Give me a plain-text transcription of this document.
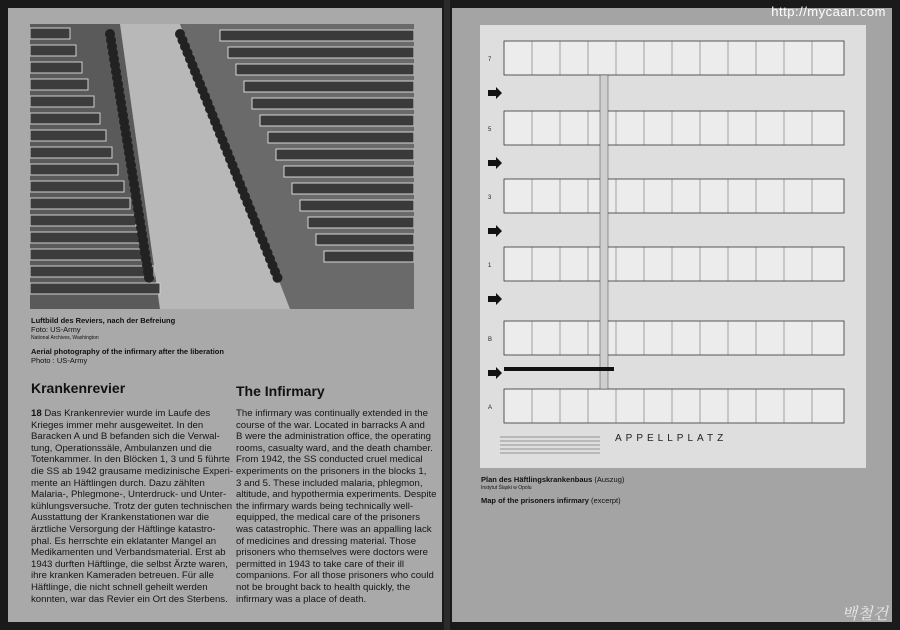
http://mycaan.com
Luftbild des Reviers, nach der Befreiung
Foto: US-Army
National Archives, Washington
Aerial photography of the infirmary after the liberation
Photo : US-Army
Krankenrevier
18 Das Krankenrevier wurde im Laufe des
Krieges immer mehr ausgeweitet. In den
Baracken A und B befanden sich die Verwal-
tung, Operationssäle, Ambulanzen und die
Totenkammer. In den Blöcken 1, 3 und 5 führte
die SS ab 1942 grausame medizinische Experi-
mente an Häftlingen durch. Dazu zählten
Malaria-, Phlegmone-, Unterdruck- und Unter-
kühlungsversuche. Trotz der guten technischen
Ausstattung der Krankenstationen war die
ärztliche Versorgung der Häftlinge katastro-
phal. Es herrschte ein eklatanter Mangel an
Medikamenten und Verbandsmaterial. Erst ab
1943 durften Häftlinge, die selbst Ärzte waren,
ihre kranken Kameraden betreuen. Für alle
Häftlinge, die nicht schnell geheilt werden
konnten, war das Revier ein Ort des Sterbens.
The Infirmary
The infirmary was continually extended in the
course of the war. Located in barracks A and
B were the administration office, the operating
rooms, casualty ward, and the death chamber.
From 1942, the SS conducted cruel medical
experiments on the prisoners in the blocks 1,
3 and 5. These included malaria, phlegmon,
altitude, and hypothermia experiments. Despite
the infirmary wards being technically well-
equipped, the medical care of the prisoners
was catastrophic. There was an appalling lack
of medicines and dressing material. Those
prisoners who themselves were doctors were
permitted in 1943 to take care of their ill
companions. For all those prisoners who could
not be brought back to health quickly, the
infirmary was a place of death.
7
5
3
1
B
A
APPELLPLATZ
Plan des Häftlingskrankenbaus (Auszug)
Instytut Śląski w Opolu
Map of the prisoners infirmary (excerpt)
백철건
